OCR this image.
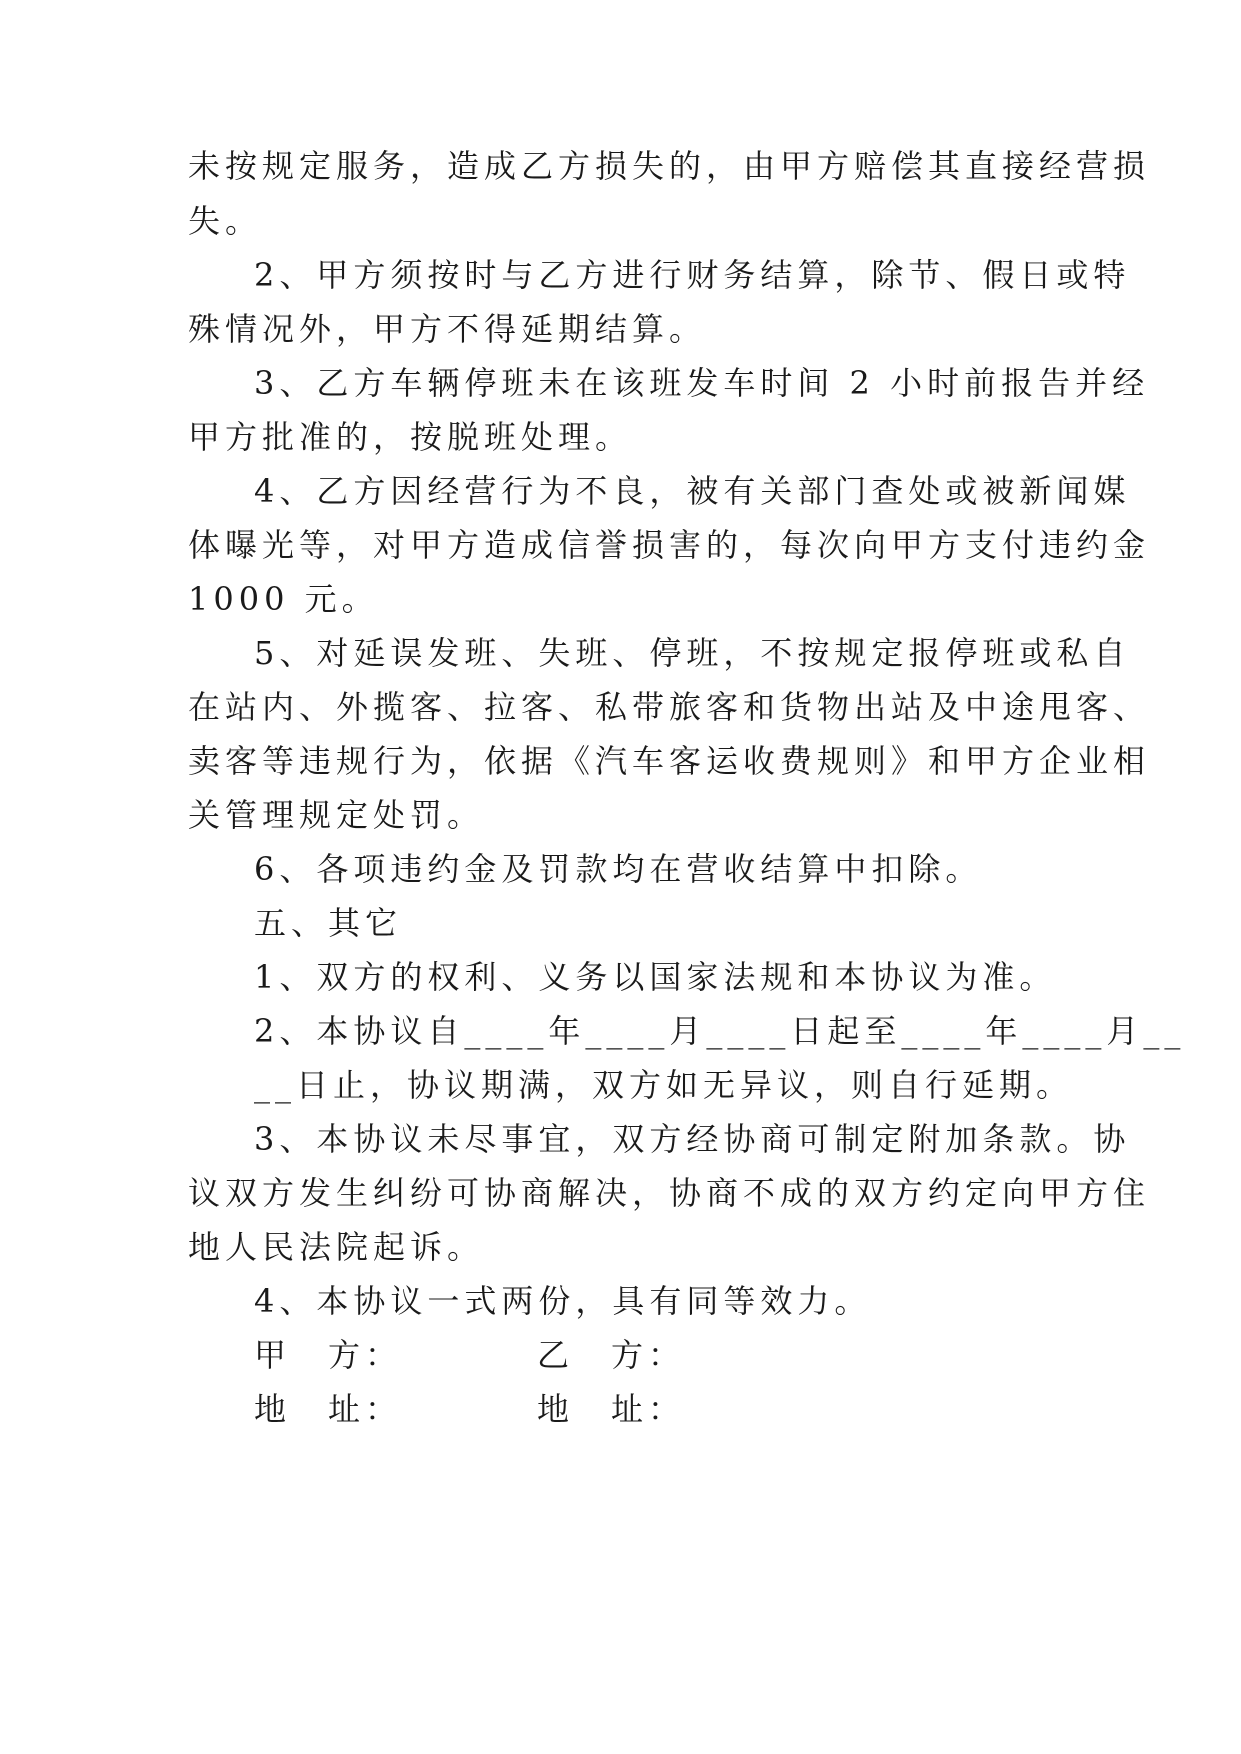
未按规定服务，造成乙方损失的，由甲方赔偿其直接经营损
失。
2、甲方须按时与乙方进行财务结算，除节、假日或特
殊情况外，甲方不得延期结算。
3、乙方车辆停班未在该班发车时间 2 小时前报告并经
甲方批准的，按脱班处理。
4、乙方因经营行为不良，被有关部门查处或被新闻媒
体曝光等，对甲方造成信誉损害的，每次向甲方支付违约金
1000 元。
5、对延误发班、失班、停班，不按规定报停班或私自
在站内、外揽客、拉客、私带旅客和货物出站及中途甩客、
卖客等违规行为，依据《汽车客运收费规则》和甲方企业相
关管理规定处罚。
6、各项违约金及罚款均在营收结算中扣除。
五、其它
1、双方的权利、义务以国家法规和本协议为准。
2、本协议自____年____月____日起至____年____月__
__日止，协议期满，双方如无异议，则自行延期。
3、本协议未尽事宜，双方经协商可制定附加条款。协
议双方发生纠纷可协商解决，协商不成的双方约定向甲方住
地人民法院起诉。
4、本协议一式两份，具有同等效力。
甲　方：	乙　方：
地　址：	地　址：
